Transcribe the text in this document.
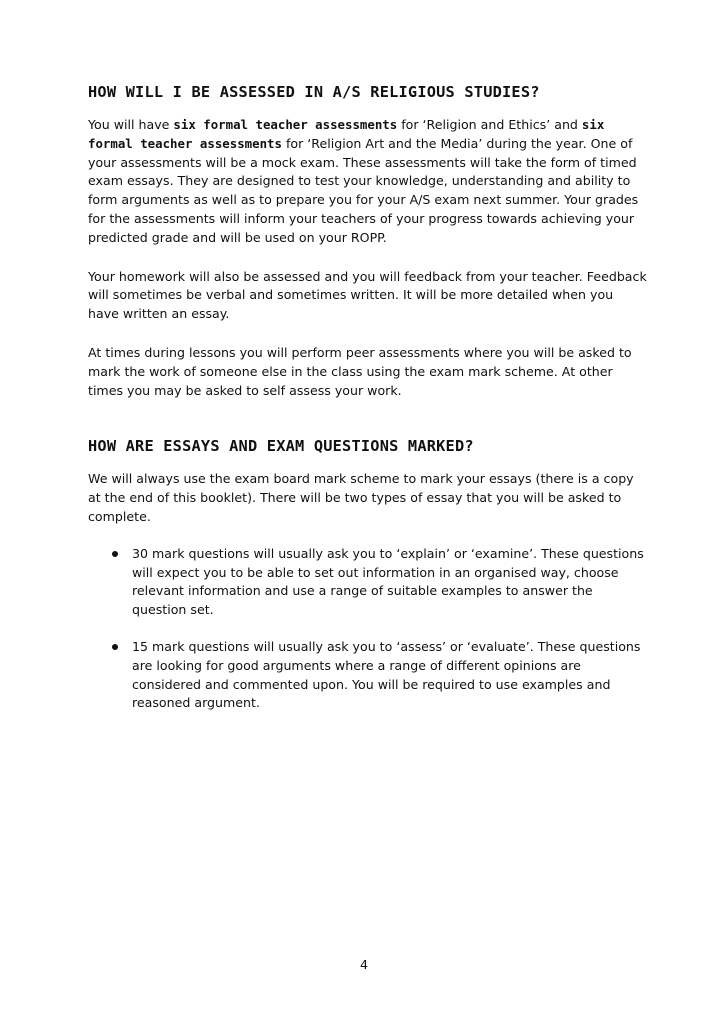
HOW WILL I BE ASSESSED IN A/S RELIGIOUS STUDIES?

You will have six formal teacher assessments for ‘Religion and Ethics’ and six formal teacher assessments for ‘Religion Art and the Media’ during the year. One of your assessments will be a mock exam. These assessments will take the form of timed exam essays. They are designed to test your knowledge, understanding and ability to form arguments as well as to prepare you for your A/S exam next summer. Your grades for the assessments will inform your teachers of your progress towards achieving your predicted grade and will be used on your ROPP.

Your homework will also be assessed and you will feedback from your teacher. Feedback will sometimes be verbal and sometimes written. It will be more detailed when you have written an essay.

At times during lessons you will perform peer assessments where you will be asked to mark the work of someone else in the class using the exam mark scheme. At other times you may be asked to self assess your work.

HOW ARE ESSAYS AND EXAM QUESTIONS MARKED?

We will always use the exam board mark scheme to mark your essays (there is a copy at the end of this booklet). There will be two types of essay that you will be asked to complete.

30 mark questions will usually ask you to ‘explain’ or ‘examine’. These questions will expect you to be able to set out information in an organised way, choose relevant information and use a range of suitable examples to answer the question set.

15 mark questions will usually ask you to ‘assess’ or ‘evaluate’. These questions are looking for good arguments where a range of different opinions are considered and commented upon. You will be required to use examples and reasoned argument.

4
